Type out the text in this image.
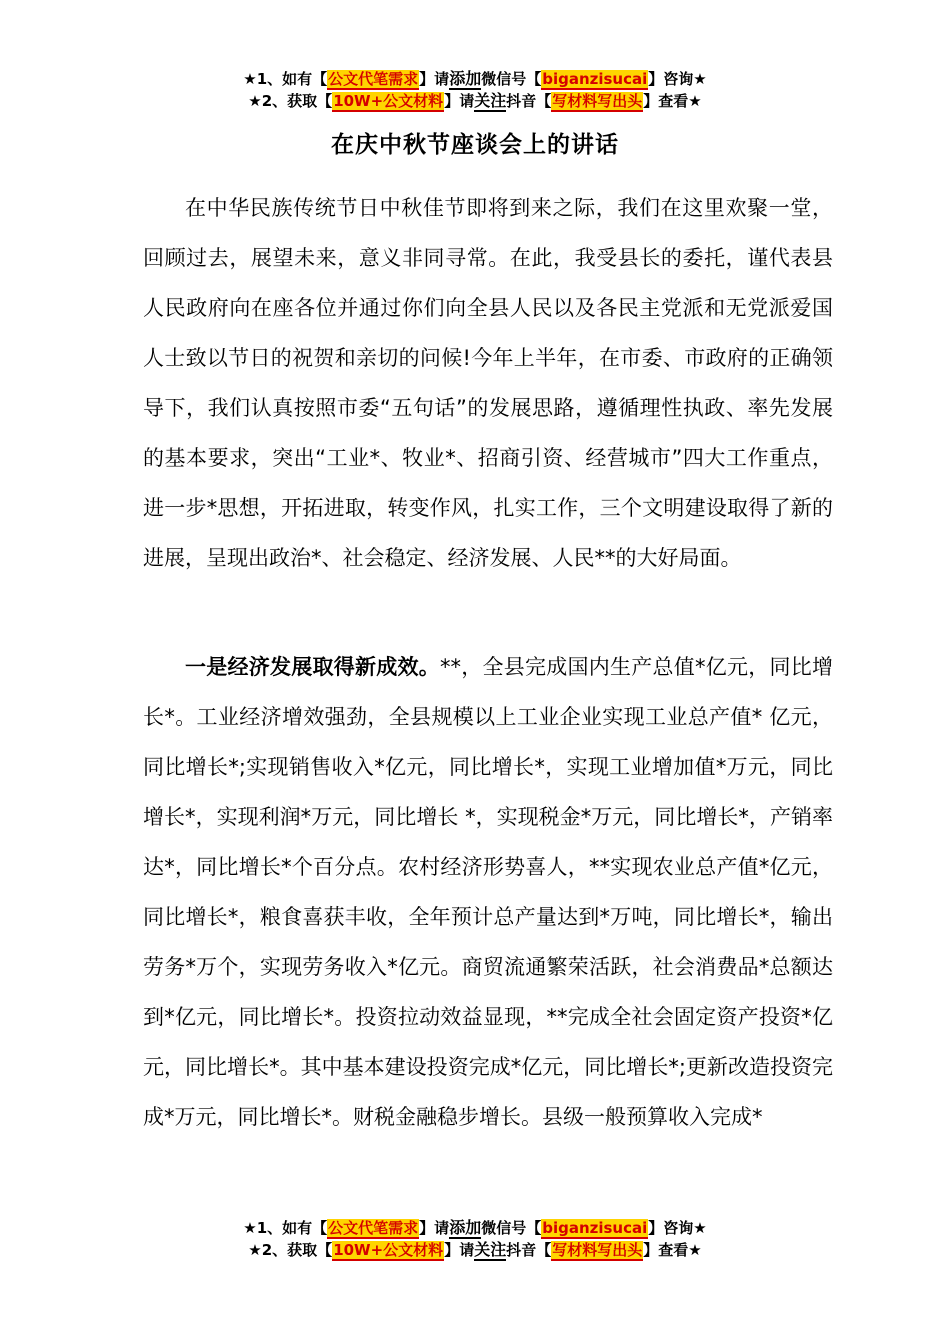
★1、如有【公文代笔需求】请添加微信号【biganzisucai】咨询★
★2、获取【10W+公文材料】请关注抖音【写材料写出头】查看★
在庆中秋节座谈会上的讲话

在中华民族传统节日中秋佳节即将到来之际，我们在这里欢聚一堂，回顾过去，展望未来，意义非同寻常。在此，我受县长的委托，谨代表县人民政府向在座各位并通过你们向全县人民以及各民主党派和无党派爱国人士致以节日的祝贺和亲切的问候!今年上半年，在市委、市政府的正确领导下，我们认真按照市委“五句话”的发展思路，遵循理性执政、率先发展的基本要求，突出“工业*、牧业*、招商引资、经营城市”四大工作重点，进一步*思想，开拓进取，转变作风，扎实工作，三个文明建设取得了新的进展，呈现出政治*、社会稳定、经济发展、人民**的大好局面。

一是经济发展取得新成效。**，全县完成国内生产总值*亿元，同比增长*。工业经济增效强劲，全县规模以上工业企业实现工业总产值* 亿元，同比增长*;实现销售收入*亿元，同比增长*，实现工业增加值*万元，同比增长*，实现利润*万元，同比增长 *，实现税金*万元，同比增长*，产销率达*，同比增长*个百分点。农村经济形势喜人，**实现农业总产值*亿元，同比增长*，粮食喜获丰收，全年预计总产量达到*万吨，同比增长*，输出劳务*万个，实现劳务收入*亿元。商贸流通繁荣活跃，社会消费品*总额达到*亿元，同比增长*。投资拉动效益显现，**完成全社会固定资产投资*亿元，同比增长*。其中基本建设投资完成*亿元，同比增长*;更新改造投资完成*万元，同比增长*。财税金融稳步增长。县级一般预算收入完成*

★1、如有【公文代笔需求】请添加微信号【biganzisucai】咨询★
★2、获取【10W+公文材料】请关注抖音【写材料写出头】查看★
